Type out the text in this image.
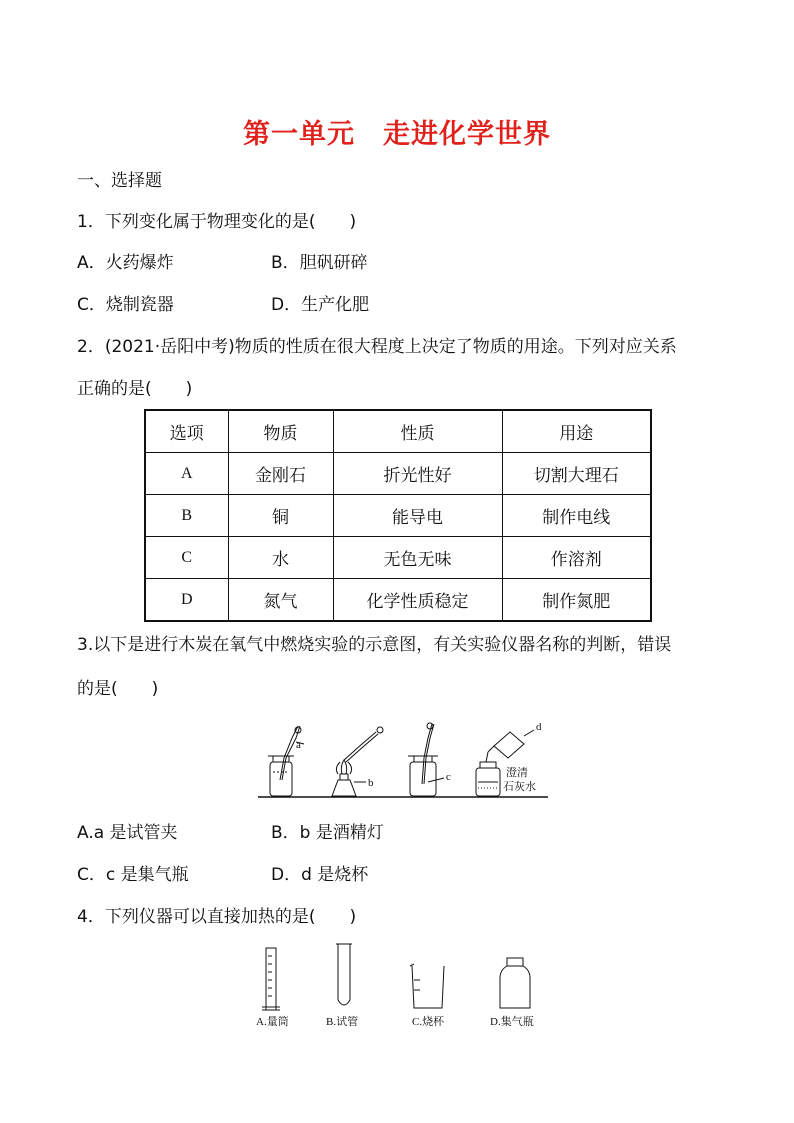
第一单元　走进化学世界
一、选择题
1．下列变化属于物理变化的是(　　)
A．火药爆炸	B．胆矾研碎
C．烧制瓷器	D．生产化肥
2．(2021·岳阳中考)物质的性质在很大程度上决定了物质的用途。下列对应关系
正确的是(　　)
选项	物质	性质	用途
A	金刚石	折光性好	切割大理石
B	铜	能导电	制作电线
C	水	无色无味	作溶剂
D	氮气	化学性质稳定	制作氮肥
3.以下是进行木炭在氧气中燃烧实验的示意图，有关实验仪器名称的判断，错误
的是(　　)
a
b	c
d
澄清
石灰水
A.a 是试管夹	B．b 是酒精灯
C．c 是集气瓶	D．d 是烧杯
4．下列仪器可以直接加热的是(　　)
A.量筒	B.试管	C.烧杯	D.集气瓶
